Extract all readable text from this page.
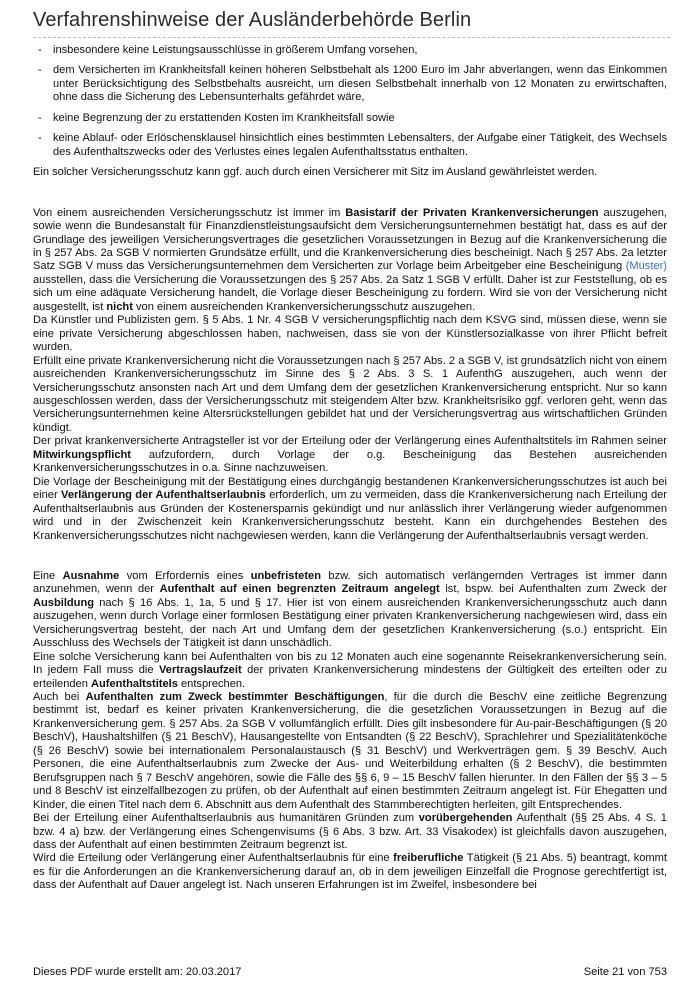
Verfahrenshinweise der Ausländerbehörde Berlin
- insbesondere keine Leistungsausschlüsse in größerem Umfang vorsehen,
- dem Versicherten im Krankheitsfall keinen höheren Selbstbehalt als 1200 Euro im Jahr abverlangen, wenn das Einkommen unter Berücksichtigung des Selbstbehalts ausreicht, um diesen Selbstbehalt innerhalb von 12 Monaten zu erwirtschaften, ohne dass die Sicherung des Lebensunterhalts gefährdet wäre,
- keine Begrenzung der zu erstattenden Kosten im Krankheitsfall sowie
- keine Ablauf- oder Erlöschensklausel hinsichtlich eines bestimmten Lebensalters, der Aufgabe einer Tätigkeit, des Wechsels des Aufenthaltszwecks oder des Verlustes eines legalen Aufenthaltsstatus enthalten.

Ein solcher Versicherungsschutz kann ggf. auch durch einen Versicherer mit Sitz im Ausland gewährleistet werden.

Von einem ausreichenden Versicherungsschutz ist immer im Basistarif der Privaten Krankenversicherungen auszugehen, sowie wenn die Bundesanstalt für Finanzdienstleistungsaufsicht dem Versicherungsunternehmen bestätigt hat, dass es auf der Grundlage des jeweiligen Versicherungsvertrages die gesetzlichen Voraussetzungen in Bezug auf die Krankenversicherung die in § 257 Abs. 2a SGB V normierten Grundsätze erfüllt, und die Krankenversicherung dies bescheinigt. Nach § 257 Abs. 2a letzter Satz SGB V muss das Versicherungsunternehmen dem Versicherten zur Vorlage beim Arbeitgeber eine Bescheinigung (Muster) ausstellen, dass die Versicherung die Voraussetzungen des § 257 Abs. 2a Satz 1 SGB V erfüllt. Daher ist zur Feststellung, ob es sich um eine adäquate Versicherung handelt, die Vorlage dieser Bescheinigung zu fordern. Wird sie von der Versicherung nicht ausgestellt, ist nicht von einem ausreichenden Krankenversicherungsschutz auszugehen.

Da Künstler und Publizisten gem. § 5 Abs. 1 Nr. 4 SGB V versicherungspflichtig nach dem KSVG sind, müssen diese, wenn sie eine private Versicherung abgeschlossen haben, nachweisen, dass sie von der Künstlersozialkasse von ihrer Pflicht befreit wurden.

Erfüllt eine private Krankenversicherung nicht die Voraussetzungen nach § 257 Abs. 2 a SGB V, ist grundsätzlich nicht von einem ausreichenden Krankenversicherungsschutz im Sinne des § 2 Abs. 3 S. 1 AufenthG auszugehen, auch wenn der Versicherungsschutz ansonsten nach Art und dem Umfang dem der gesetzlichen Krankenversicherung entspricht. Nur so kann ausgeschlossen werden, dass der Versicherungsschutz mit steigendem Alter bzw. Krankheitsrisiko ggf. verloren geht, wenn das Versicherungsunternehmen keine Altersrückstellungen gebildet hat und der Versicherungsvertrag aus wirtschaftlichen Gründen kündigt.

Der privat krankenversicherte Antragsteller ist vor der Erteilung oder der Verlängerung eines Aufenthaltstitels im Rahmen seiner Mitwirkungspflicht aufzufordern, durch Vorlage der o.g. Bescheinigung das Bestehen ausreichenden Krankenversicherungsschutzes in o.a. Sinne nachzuweisen.

Die Vorlage der Bescheinigung mit der Bestätigung eines durchgängig bestandenen Krankenversicherungsschutzes ist auch bei einer Verlängerung der Aufenthaltserlaubnis erforderlich, um zu vermeiden, dass die Krankenversicherung nach Erteilung der Aufenthaltserlaubnis aus Gründen der Kostenersparnis gekündigt und nur anlässlich ihrer Verlängerung wieder aufgenommen wird und in der Zwischenzeit kein Krankenversicherungsschutz besteht. Kann ein durchgehendes Bestehen des Krankenversicherungsschutzes nicht nachgewiesen werden, kann die Verlängerung der Aufenthaltserlaubnis versagt werden.

Eine Ausnahme vom Erfordernis eines unbefristeten bzw. sich automatisch verlängernden Vertrages ist immer dann anzunehmen, wenn der Aufenthalt auf einen begrenzten Zeitraum angelegt ist, bspw. bei Aufenthalten zum Zweck der Ausbildung nach § 16 Abs. 1, 1a, 5 und § 17. Hier ist von einem ausreichenden Krankenversicherungsschutz auch dann auszugehen, wenn durch Vorlage einer formlosen Bestätigung einer privaten Krankenversicherung nachgewiesen wird, dass ein Versicherungsvertrag besteht, der nach Art und Umfang dem der gesetzlichen Krankenversicherung (s.o.) entspricht. Ein Ausschluss des Wechsels der Tätigkeit ist dann unschädlich.

Eine solche Versicherung kann bei Aufenthalten von bis zu 12 Monaten auch eine sogenannte Reisekrankenversicherung sein. In jedem Fall muss die Vertragslaufzeit der privaten Krankenversicherung mindestens der Gültigkeit des erteilten oder zu erteilenden Aufenthaltstitels entsprechen.

Auch bei Aufenthalten zum Zweck bestimmter Beschäftigungen, für die durch die BeschV eine zeitliche Begrenzung bestimmt ist, bedarf es keiner privaten Krankenversicherung, die die gesetzlichen Voraussetzungen in Bezug auf die Krankenversicherung gem. § 257 Abs. 2a SGB V vollumfänglich erfüllt. Dies gilt insbesondere für Au-pair-Beschäftigungen (§ 20 BeschV), Haushaltshilfen (§ 21 BeschV), Hausangestellte von Entsandten (§ 22 BeschV), Sprachlehrer und Spezialitätenköche (§ 26 BeschV) sowie bei internationalem Personalaustausch (§ 31 BeschV) und Werkverträgen gem. § 39 BeschV. Auch Personen, die eine Aufenthaltserlaubnis zum Zwecke der Aus- und Weiterbildung erhalten (§ 2 BeschV), die bestimmten Berufsgruppen nach § 7 BeschV angehören, sowie die Fälle des §§ 6, 9 – 15 BeschV fallen hierunter. In den Fällen der §§ 3 – 5 und 8 BeschV ist einzelfallbezogen zu prüfen, ob der Aufenthalt auf einen bestimmten Zeitraum angelegt ist. Für Ehegatten und Kinder, die einen Titel nach dem 6. Abschnitt aus dem Aufenthalt des Stammberechtigten herleiten, gilt Entsprechendes.

Bei der Erteilung einer Aufenthaltserlaubnis aus humanitären Gründen zum vorübergehenden Aufenthalt (§§ 25 Abs. 4 S. 1 bzw. 4 a) bzw. der Verlängerung eines Schengenvisums (§ 6 Abs. 3 bzw. Art. 33 Visakodex) ist gleichfalls davon auszugehen, dass der Aufenthalt auf einen bestimmten Zeitraum begrenzt ist.

Wird die Erteilung oder Verlängerung einer Aufenthaltserlaubnis für eine freiberufliche Tätigkeit (§ 21 Abs. 5) beantragt, kommt es für die Anforderungen an die Krankenversicherung darauf an, ob in dem jeweiligen Einzelfall die Prognose gerechtfertigt ist, dass der Aufenthalt auf Dauer angelegt ist. Nach unseren Erfahrungen ist im Zweifel, insbesondere bei

Dieses PDF wurde erstellt am: 20.03.2017	Seite 21 von 753
